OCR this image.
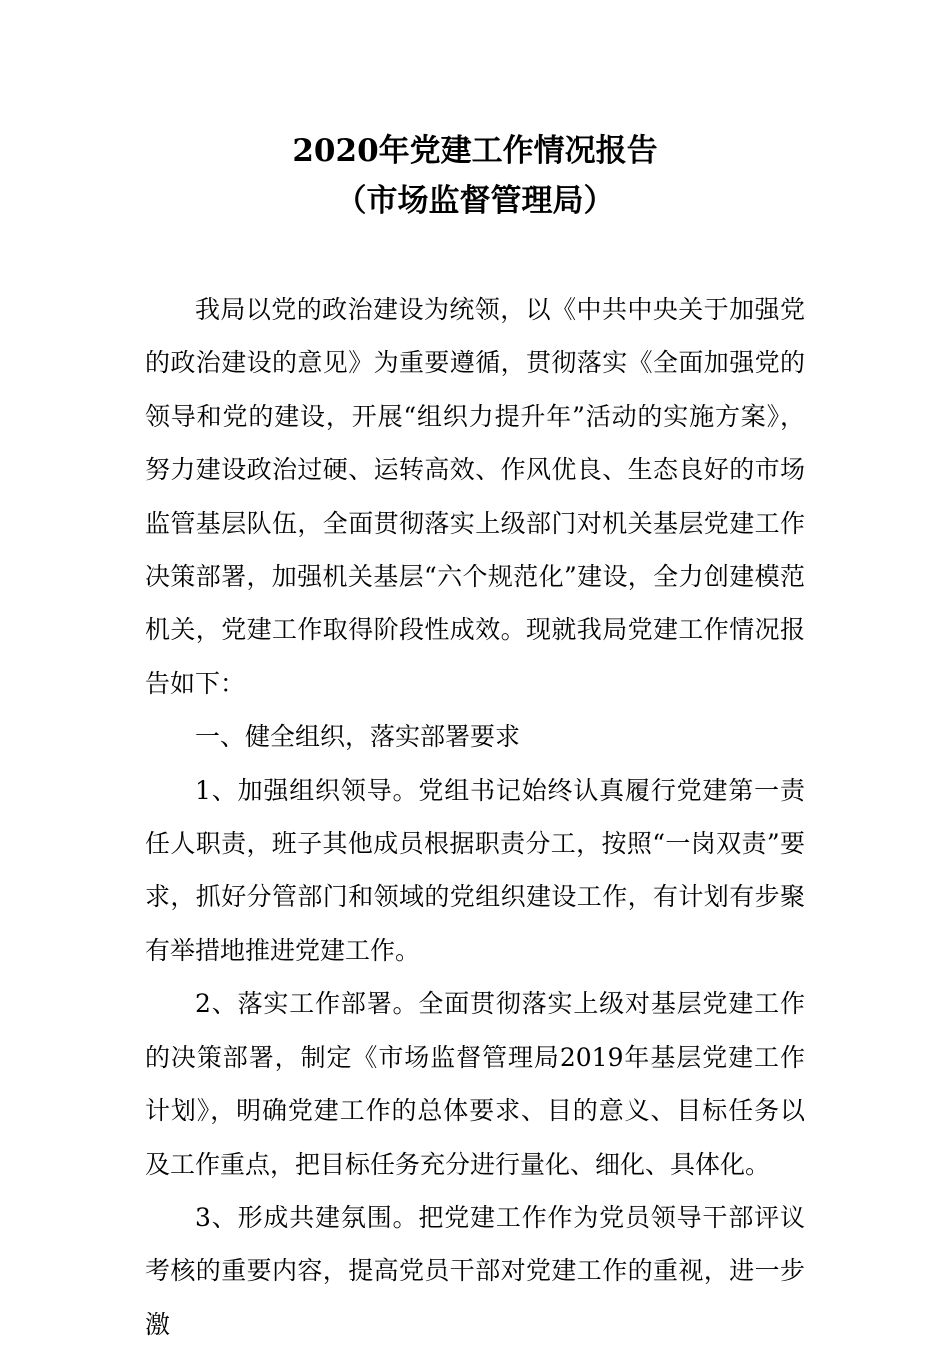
2020年党建工作情况报告
（市场监督管理局）

我局以党的政治建设为统领，以《中共中央关于加强党的政治建设的意见》为重要遵循，贯彻落实《全面加强党的领导和党的建设，开展“组织力提升年”活动的实施方案》，努力建设政治过硬、运转高效、作风优良、生态良好的市场监管基层队伍，全面贯彻落实上级部门对机关基层党建工作决策部署，加强机关基层“六个规范化”建设，全力创建模范机关，党建工作取得阶段性成效。现就我局党建工作情况报告如下：

一、健全组织，落实部署要求

1、加强组织领导。党组书记始终认真履行党建第一责任人职责，班子其他成员根据职责分工，按照“一岗双责”要求，抓好分管部门和领域的党组织建设工作，有计划有步聚有举措地推进党建工作。

2、落实工作部署。全面贯彻落实上级对基层党建工作的决策部署，制定《市场监督管理局2019年基层党建工作计划》，明确党建工作的总体要求、目的意义、目标任务以及工作重点，把目标任务充分进行量化、细化、具体化。

3、形成共建氛围。把党建工作作为党员领导干部评议考核的重要内容，提高党员干部对党建工作的重视，进一步激
